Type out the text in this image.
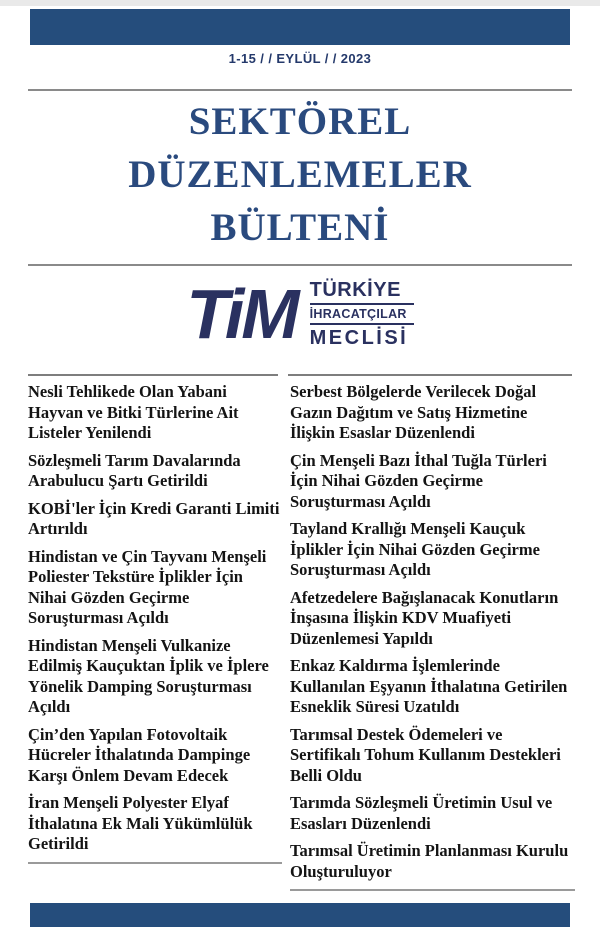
1-15 / / EYLÜL / / 2023
SEKTÖREL
DÜZENLEMELER
BÜLTENİ
TiM TÜRKİYE
İHRACATÇILAR
MECLİSİ

Nesli Tehlikede Olan Yabani Hayvan ve Bitki Türlerine Ait Listeler Yenilendi

Sözleşmeli Tarım Davalarında Arabulucu Şartı Getirildi

KOBİ'ler İçin Kredi Garanti Limiti Artırıldı

Hindistan ve Çin Tayvanı Menşeli Poliester Tekstüre İplikler İçin Nihai Gözden Geçirme Soruşturması Açıldı

Hindistan Menşeli Vulkanize Edilmiş Kauçuktan İplik ve İplere Yönelik Damping Soruşturması Açıldı

Çin’den Yapılan Fotovoltaik Hücreler İthalatında Dampinge Karşı Önlem Devam Edecek

İran Menşeli Polyester Elyaf İthalatına Ek Mali Yükümlülük Getirildi

Serbest Bölgelerde Verilecek Doğal Gazın Dağıtım ve Satış Hizmetine İlişkin Esaslar Düzenlendi

Çin Menşeli Bazı İthal Tuğla Türleri İçin Nihai Gözden Geçirme Soruşturması Açıldı

Tayland Krallığı Menşeli Kauçuk İplikler İçin Nihai Gözden Geçirme Soruşturması Açıldı

Afetzedelere Bağışlanacak Konutların İnşasına İlişkin KDV Muafiyeti Düzenlemesi Yapıldı

Enkaz Kaldırma İşlemlerinde Kullanılan Eşyanın İthalatına Getirilen Esneklik Süresi Uzatıldı

Tarımsal Destek Ödemeleri ve Sertifikalı Tohum Kullanım Destekleri Belli Oldu

Tarımda Sözleşmeli Üretimin Usul ve Esasları Düzenlendi

Tarımsal Üretimin Planlanması Kurulu Oluşturuluyor
